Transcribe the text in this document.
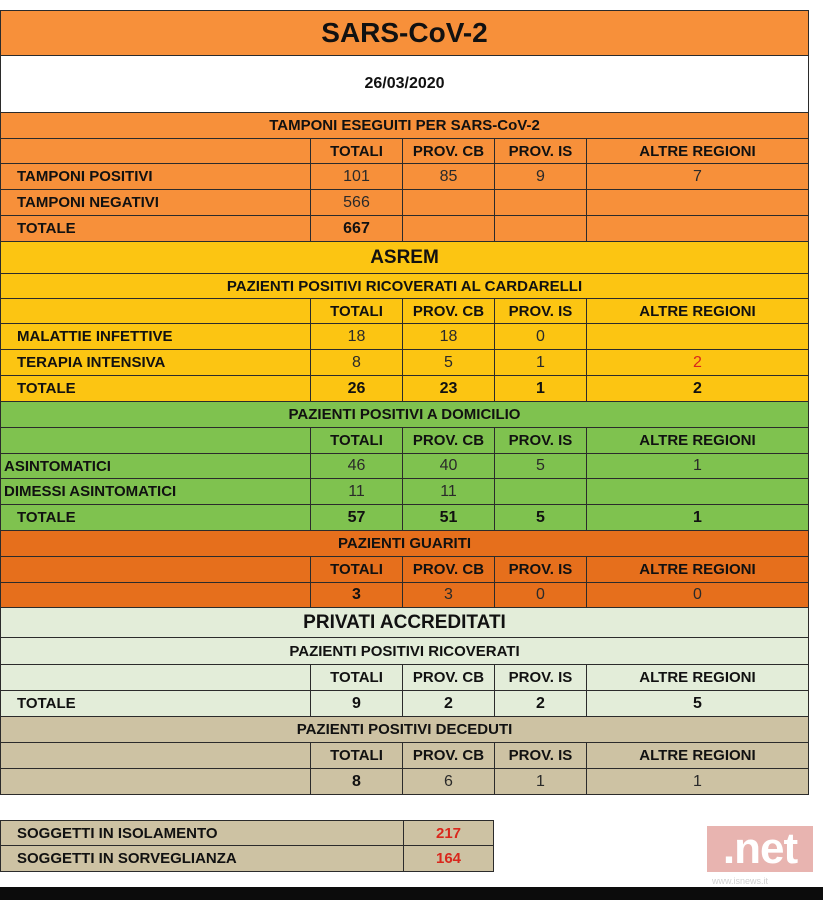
SARS-CoV-2
26/03/2020
TAMPONI ESEGUITI PER SARS-CoV-2
TOTALI	PROV. CB	PROV. IS	ALTRE REGIONI
TAMPONI POSITIVI	101	85	9	7
TAMPONI NEGATIVI	566
TOTALE	667
ASREM
PAZIENTI POSITIVI RICOVERATI AL CARDARELLI
TOTALI	PROV. CB	PROV. IS	ALTRE REGIONI
MALATTIE INFETTIVE	18	18	0
TERAPIA INTENSIVA	8	5	1	2
TOTALE	26	23	1	2
PAZIENTI POSITIVI A DOMICILIO
TOTALI	PROV. CB	PROV. IS	ALTRE REGIONI
ASINTOMATICI	46	40	5	1
DIMESSI ASINTOMATICI	11	11
TOTALE	57	51	5	1
PAZIENTI GUARITI
TOTALI	PROV. CB	PROV. IS	ALTRE REGIONI
3	3	0	0
PRIVATI ACCREDITATI
PAZIENTI POSITIVI RICOVERATI
TOTALI	PROV. CB	PROV. IS	ALTRE REGIONI
TOTALE	9	2	2	5
PAZIENTI POSITIVI DECEDUTI
TOTALI	PROV. CB	PROV. IS	ALTRE REGIONI
8	6	1	1
SOGGETTI IN ISOLAMENTO	217
SOGGETTI IN SORVEGLIANZA	164	.net
www.isnews.it
